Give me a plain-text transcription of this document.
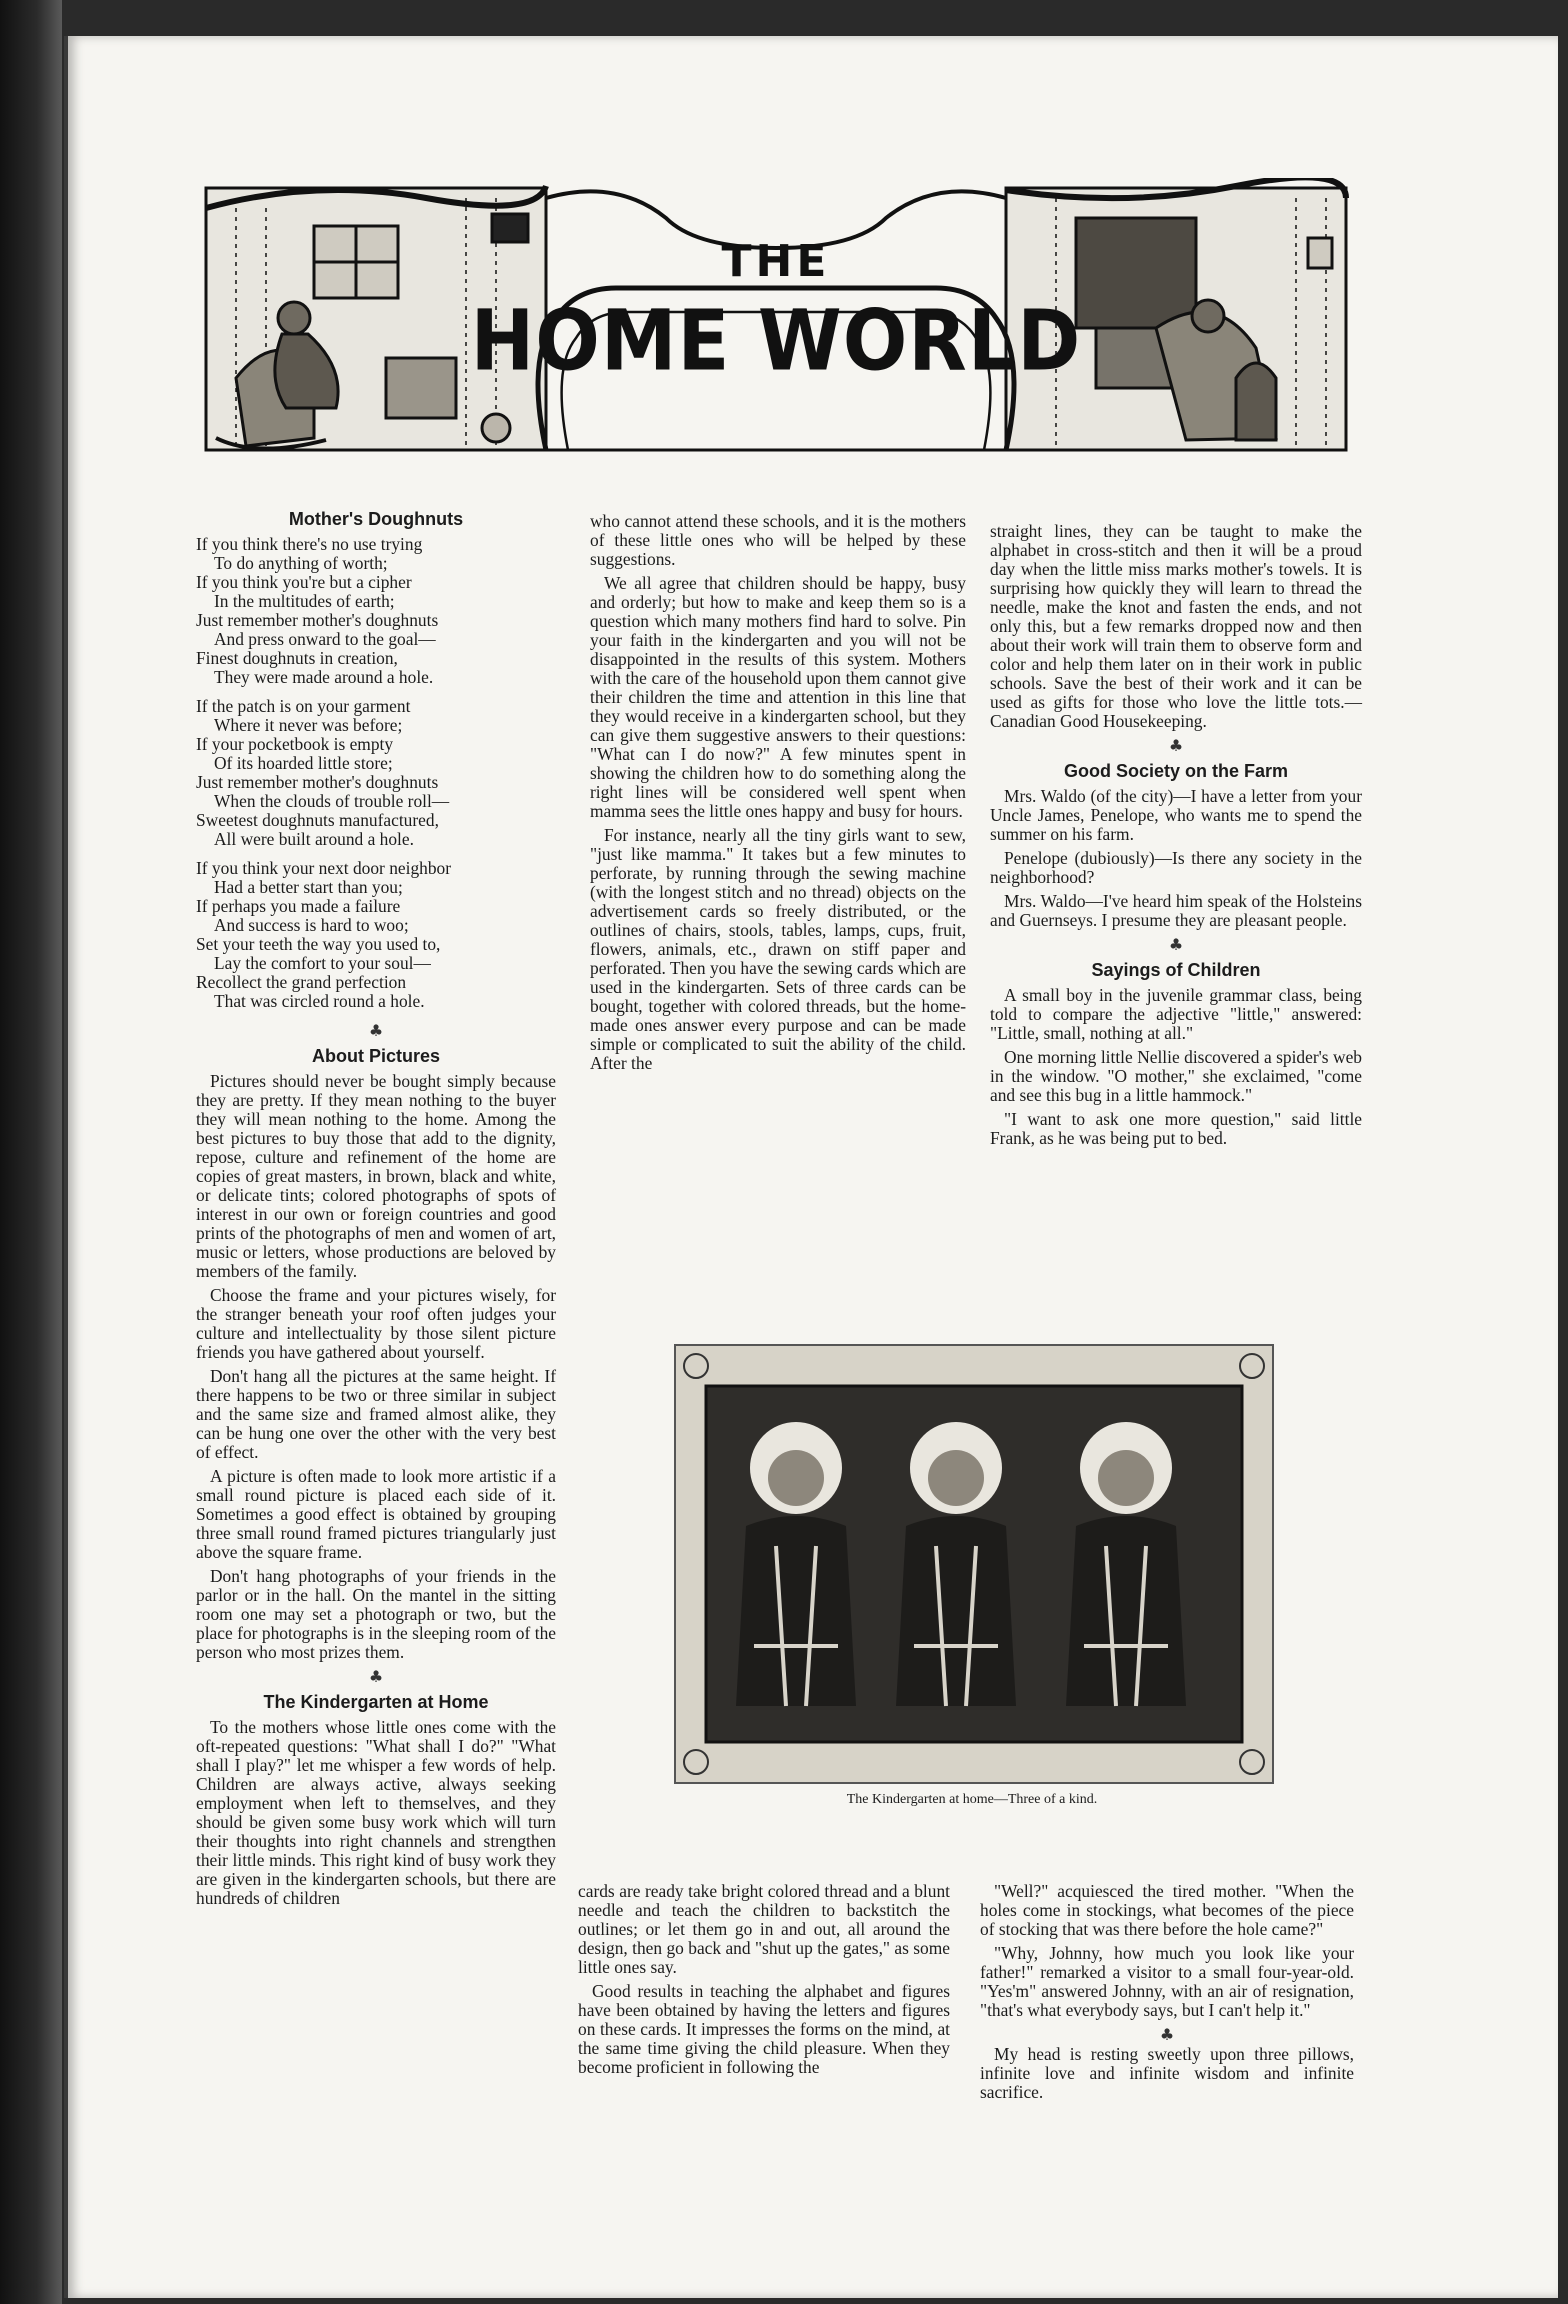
THE
HOME WORLD
Mother's Doughnuts
If you think there's no use trying
To do anything of worth;
If you think you're but a cipher
In the multitudes of earth;
Just remember mother's doughnuts
And press onward to the goal—
Finest doughnuts in creation,
They were made around a hole.
If the patch is on your garment
Where it never was before;
If your pocketbook is empty
Of its hoarded little store;
Just remember mother's doughnuts
When the clouds of trouble roll—
Sweetest doughnuts manufactured,
All were built around a hole.
If you think your next door neighbor
Had a better start than you;
If perhaps you made a failure
And success is hard to woo;
Set your teeth the way you used to,
Lay the comfort to your soul—
Recollect the grand perfection
That was circled round a hole.
♣
About Pictures

Pictures should never be bought simply because they are pretty. If they mean nothing to the buyer they will mean nothing to the home. Among the best pictures to buy those that add to the dignity, repose, culture and refinement of the home are copies of great masters, in brown, black and white, or delicate tints; colored photographs of spots of interest in our own or foreign countries and good prints of the photographs of men and women of art, music or letters, whose productions are beloved by members of the family.

Choose the frame and your pictures wisely, for the stranger beneath your roof often judges your culture and intellectuality by those silent picture friends you have gathered about yourself.

Don't hang all the pictures at the same height. If there happens to be two or three similar in subject and the same size and framed almost alike, they can be hung one over the other with the very best of effect.

A picture is often made to look more artistic if a small round picture is placed each side of it. Sometimes a good effect is obtained by grouping three small round framed pictures triangularly just above the square frame.

Don't hang photographs of your friends in the parlor or in the hall. On the mantel in the sitting room one may set a photograph or two, but the place for photographs is in the sleeping room of the person who most prizes them.

♣
The Kindergarten at Home

To the mothers whose little ones come with the oft-repeated questions: "What shall I do?" "What shall I play?" let me whisper a few words of help. Children are always active, always seeking employment when left to themselves, and they should be given some busy work which will turn their thoughts into right channels and strengthen their little minds. This right kind of busy work they are given in the kindergarten schools, but there are hundreds of children

who cannot attend these schools, and it is the mothers of these little ones who will be helped by these suggestions.

We all agree that children should be happy, busy and orderly; but how to make and keep them so is a question which many mothers find hard to solve. Pin your faith in the kindergarten and you will not be disappointed in the results of this system. Mothers with the care of the household upon them cannot give their children the time and attention in this line that they would receive in a kindergarten school, but they can give them suggestive answers to their questions: "What can I do now?" A few minutes spent in showing the children how to do something along the right lines will be considered well spent when mamma sees the little ones happy and busy for hours.

For instance, nearly all the tiny girls want to sew, "just like mamma." It takes but a few minutes to perforate, by running through the sewing machine (with the longest stitch and no thread) objects on the advertisement cards so freely distributed, or the outlines of chairs, stools, tables, lamps, cups, fruit, flowers, animals, etc., drawn on stiff paper and perforated. Then you have the sewing cards which are used in the kindergarten. Sets of three cards can be bought, together with colored threads, but the home-made ones answer every purpose and can be made simple or complicated to suit the ability of the child. After the

straight lines, they can be taught to make the alphabet in cross-stitch and then it will be a proud day when the little miss marks mother's towels. It is surprising how quickly they will learn to thread the needle, make the knot and fasten the ends, and not only this, but a few remarks dropped now and then about their work will train them to observe form and color and help them later on in their work in public schools. Save the best of their work and it can be used as gifts for those who love the little tots.—Canadian Good Housekeeping.

♣
Good Society on the Farm

Mrs. Waldo (of the city)—I have a letter from your Uncle James, Penelope, who wants me to spend the summer on his farm.

Penelope (dubiously)—Is there any society in the neighborhood?

Mrs. Waldo—I've heard him speak of the Holsteins and Guernseys. I presume they are pleasant people.

♣
Sayings of Children

A small boy in the juvenile grammar class, being told to compare the adjective "little," answered: "Little, small, nothing at all."

One morning little Nellie discovered a spider's web in the window. "O mother," she exclaimed, "come and see this bug in a little hammock."

"I want to ask one more question," said little Frank, as he was being put to bed.

The Kindergarten at home—Three of a kind.

cards are ready take bright colored thread and a blunt needle and teach the children to backstitch the outlines; or let them go in and out, all around the design, then go back and "shut up the gates," as some little ones say.

Good results in teaching the alphabet and figures have been obtained by having the letters and figures on these cards. It impresses the forms on the mind, at the same time giving the child pleasure. When they become proficient in following the

"Well?" acquiesced the tired mother. "When the holes come in stockings, what becomes of the piece of stocking that was there before the hole came?"

"Why, Johnny, how much you look like your father!" remarked a visitor to a small four-year-old. "Yes'm" answered Johnny, with an air of resignation, "that's what everybody says, but I can't help it."

♣

My head is resting sweetly upon three pillows, infinite love and infinite wisdom and infinite sacrifice.
